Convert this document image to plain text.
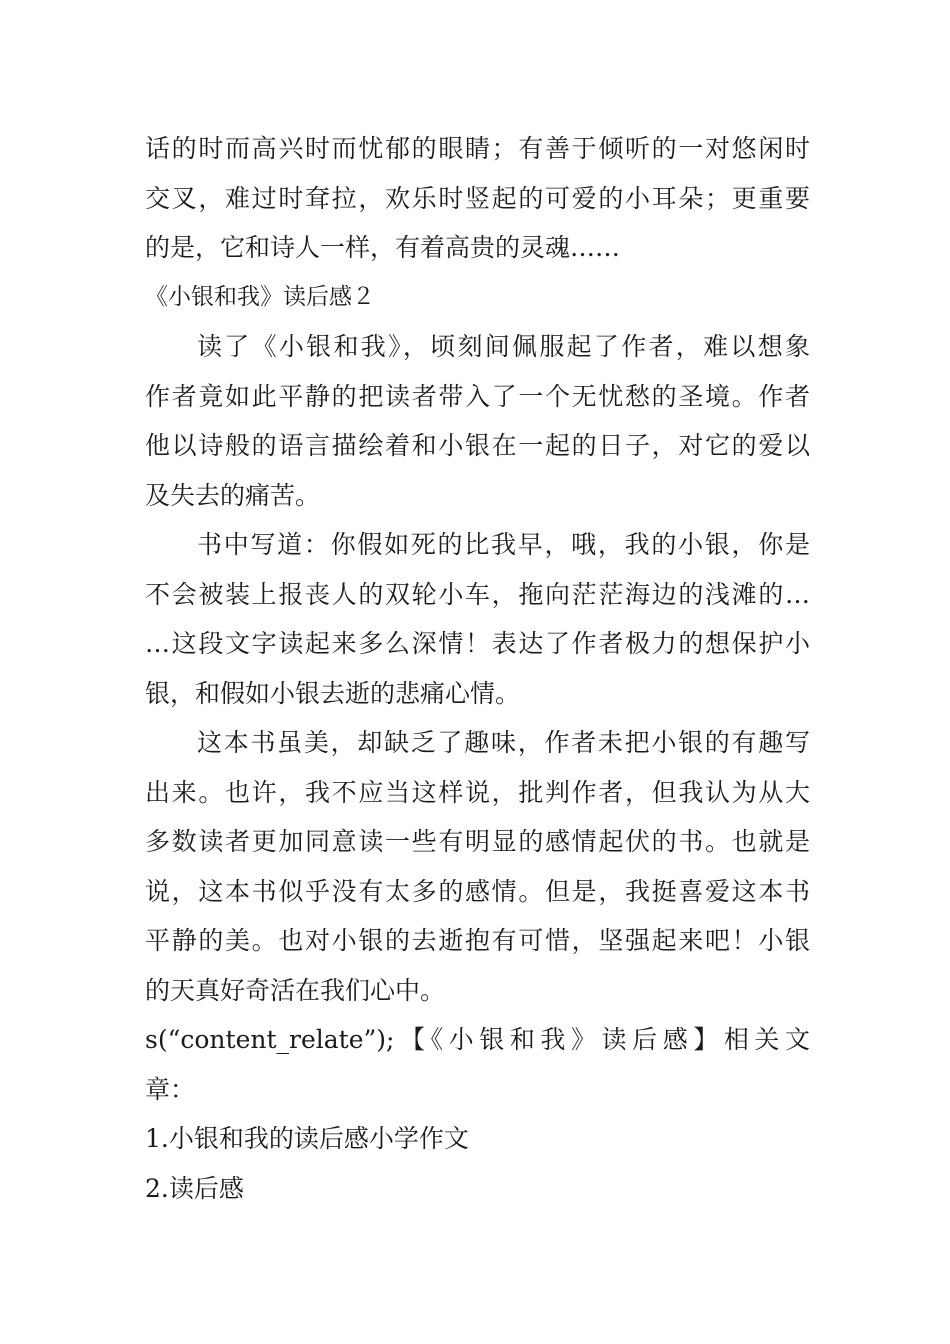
话的时而高兴时而忧郁的眼睛；有善于倾听的一对悠闲时
交叉，难过时耷拉，欢乐时竖起的可爱的小耳朵；更重要
的是，它和诗人一样，有着高贵的灵魂……
《小银和我》读后感２
读了《小银和我》，顷刻间佩服起了作者，难以想象
作者竟如此平静的把读者带入了一个无忧愁的圣境。作者
他以诗般的语言描绘着和小银在一起的日子，对它的爱以
及失去的痛苦。
书中写道：你假如死的比我早，哦，我的小银，你是
不会被装上报丧人的双轮小车，拖向茫茫海边的浅滩的…
…这段文字读起来多么深情！表达了作者极力的想保护小
银，和假如小银去逝的悲痛心情。
这本书虽美，却缺乏了趣味，作者未把小银的有趣写
出来。也许，我不应当这样说，批判作者，但我认为从大
多数读者更加同意读一些有明显的感情起伏的书。也就是
说，这本书似乎没有太多的感情。但是，我挺喜爱这本书
平静的美。也对小银的去逝抱有可惜，坚强起来吧！小银
的天真好奇活在我们心中。
s(“content_relate”);【《小银和我》读后感】相关文
章：
1.小银和我的读后感小学作文
2.读后感
